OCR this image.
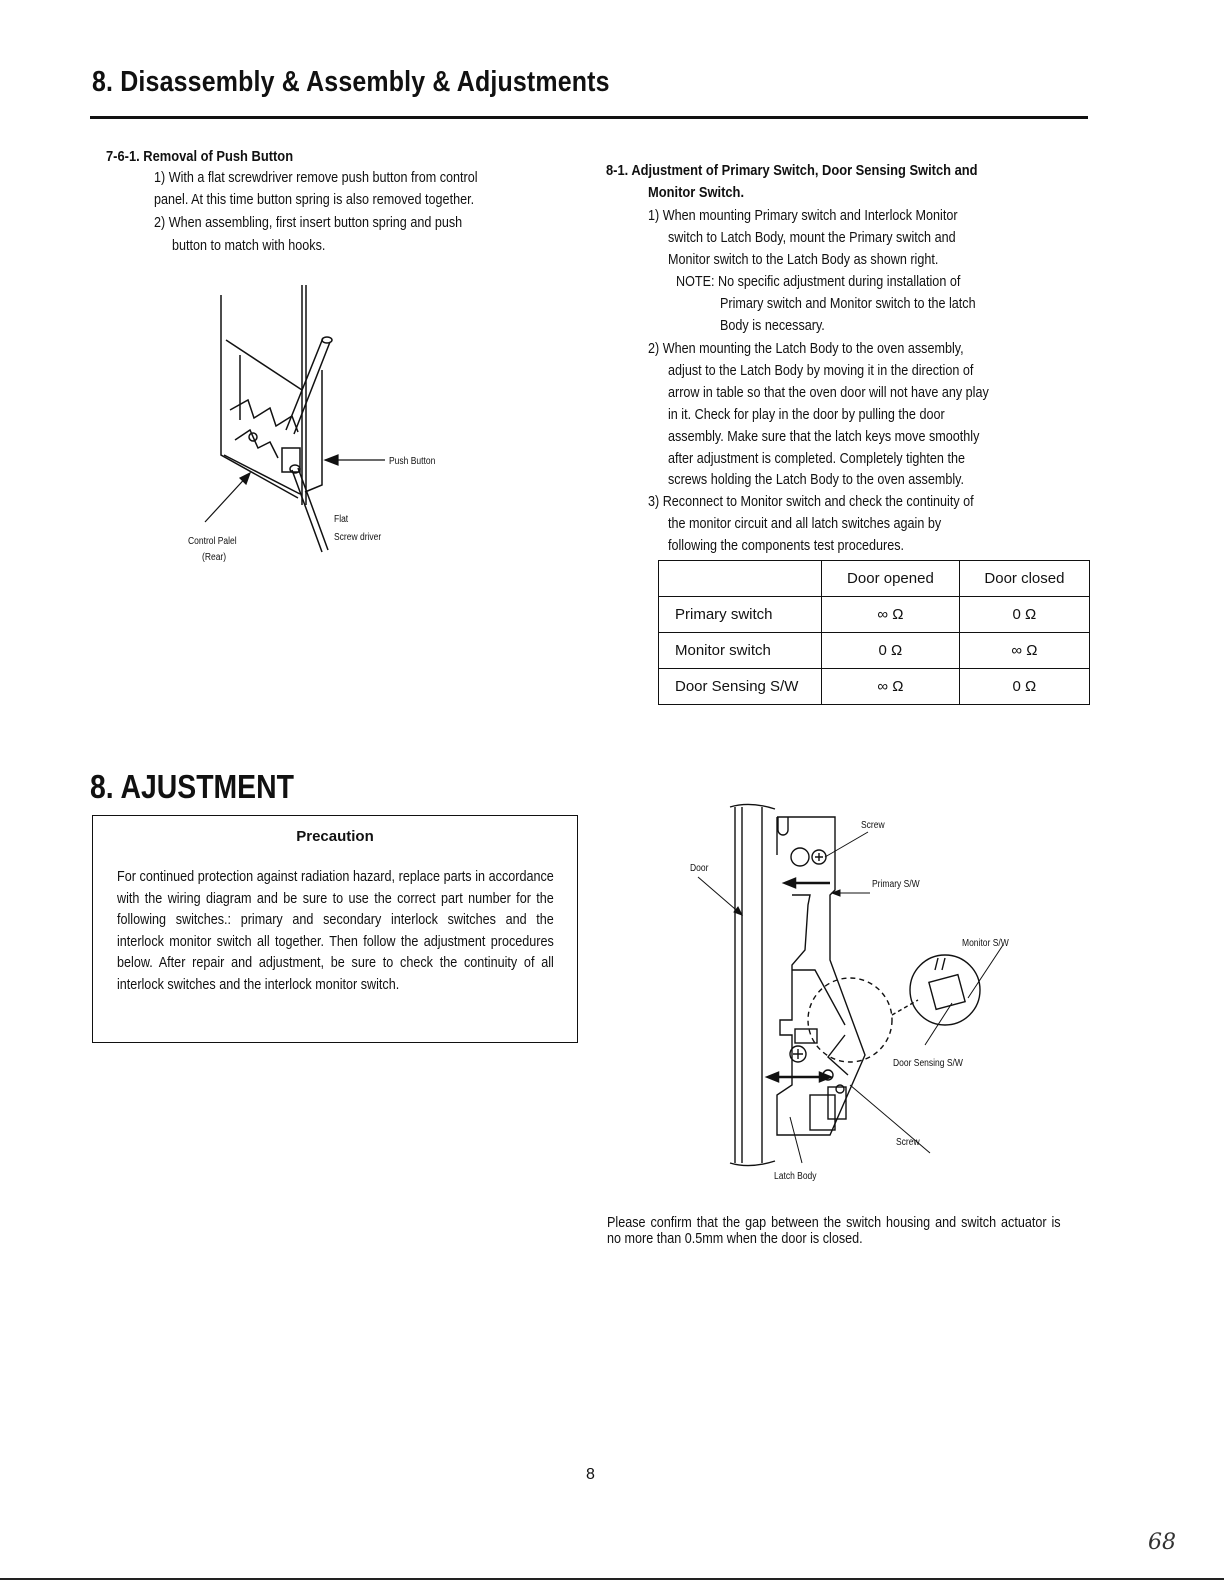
8. Disassembly & Assembly & Adjustments
7-6-1. Removal of Push Button
1) With a flat screwdriver remove push button from control
panel. At this time button spring is also removed together.
2) When assembling, first insert button spring and push
button to match with hooks.
Push Button
Flat
Screw driver
Control Palel
(Rear)
8-1. Adjustment of Primary Switch, Door Sensing Switch and
Monitor Switch.
1) When mounting Primary switch and Interlock Monitor
switch to Latch Body, mount the Primary switch and
Monitor switch to the Latch Body as shown right.
NOTE: No specific adjustment during installation of
Primary switch and Monitor switch to the latch
Body is necessary.
2) When mounting the Latch Body to the oven assembly,
adjust to the Latch Body by moving it in the direction of
arrow in table so that the oven door will not have any play
in it. Check for play in the door by pulling the door
assembly. Make sure that the latch keys move smoothly
after adjustment is completed. Completely tighten the
screws holding the Latch Body to the oven assembly.
3) Reconnect to Monitor switch and check the continuity of
the monitor circuit and all latch switches again by
following the components test procedures.
	Door opened	Door closed
Primary switch	∞ Ω	0 Ω
Monitor switch	0 Ω	∞ Ω
Door Sensing S/W	∞ Ω	0 Ω
8. AJUSTMENT
Precaution
For continued protection against radiation hazard, replace parts in accordance with the wiring diagram and be sure to use the correct part number for the following switches.: primary and secondary interlock switches and the interlock monitor switch all together. Then follow the adjustment procedures below. After repair and adjustment, be sure to check the continuity of all interlock switches and the interlock monitor switch.
Screw
Door
Primary S/W
Monitor S/W
Door Sensing S/W
Screw
Latch Body
Please confirm that the gap between the switch housing and switch actuator is no more than 0.5mm when the door is closed.
8
68
